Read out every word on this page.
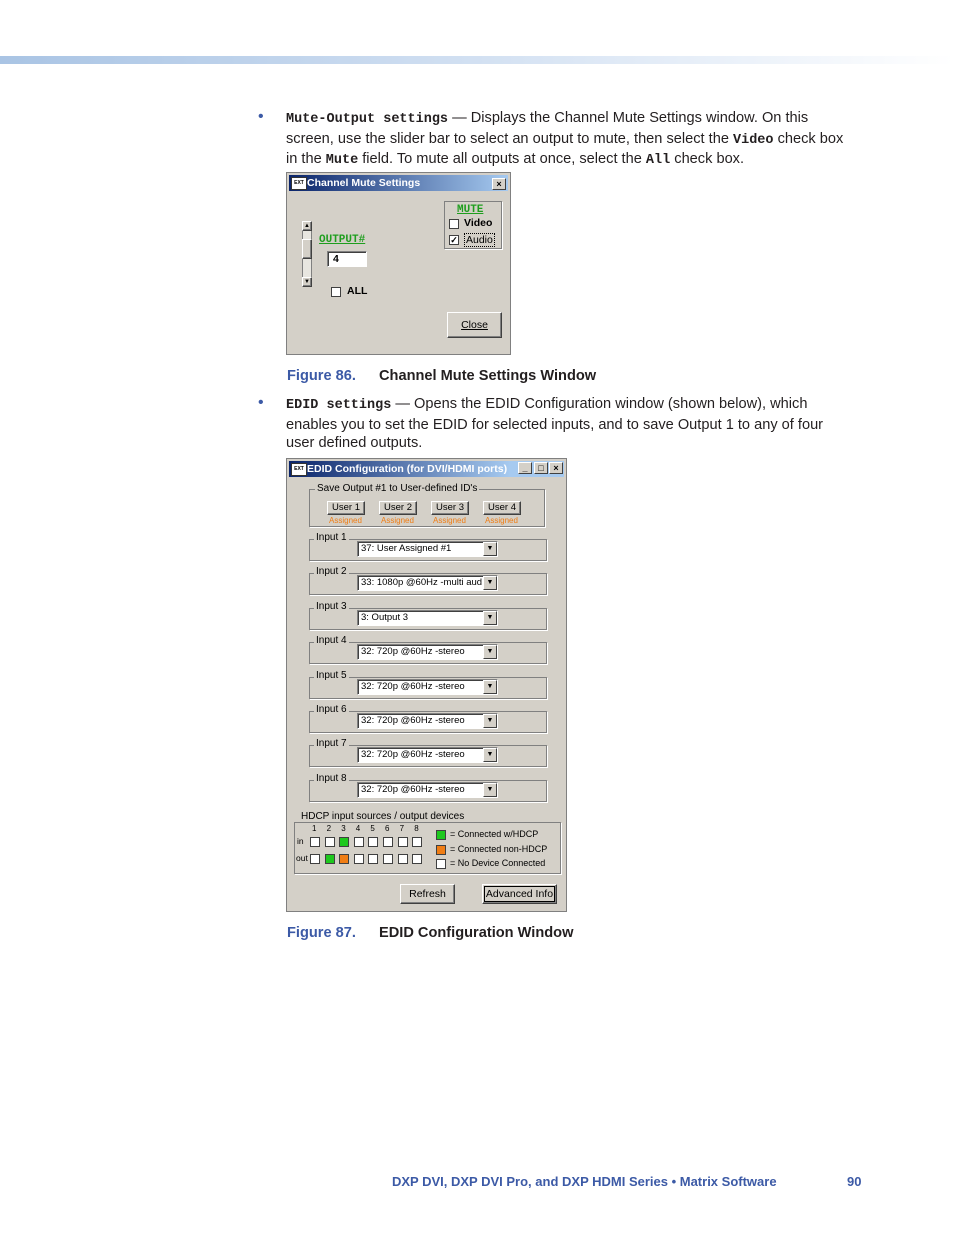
• Mute-Output settings — Displays the Channel Mute Settings window. On this screen, use the slider bar to select an output to mute, then select the Video check box in the Mute field. To mute all outputs at once, select the All check box.
EXT Channel Mute Settings	×
MUTE
Video
✓ Audio
▲
▼
OUTPUT#
4
ALL
Close
Figure 86. Channel Mute Settings Window
• EDID settings — Opens the EDID Configuration window (shown below), which enables you to set the EDID for selected inputs, and to save Output 1 to any of four user defined outputs.
EXT EDID Configuration (for DVI/HDMI ports)	_	□	×
Save Output #1 to User-defined ID's
User 1
Assigned
User 2
Assigned
User 3
Assigned
User 4
Assigned
Input 1
37: User Assigned #1	▼
Input 2
33: 1080p @60Hz -multi aud ▼
Input 3
3: Output 3	▼
Input 4
32: 720p @60Hz -stereo	▼
Input 5
32: 720p @60Hz -stereo	▼
Input 6
32: 720p @60Hz -stereo	▼
Input 7
32: 720p @60Hz -stereo	▼
Input 8
32: 720p @60Hz -stereo	▼
HDCP input sources / output devices
1 2 3 4 5 6 7 8
in
out
= Connected w/HDCP
= Connected non-HDCP
= No Device Connected
Refresh	Advanced Info
Figure 87. EDID Configuration Window
DXP DVI, DXP DVI Pro, and DXP HDMI Series • Matrix Software	90
